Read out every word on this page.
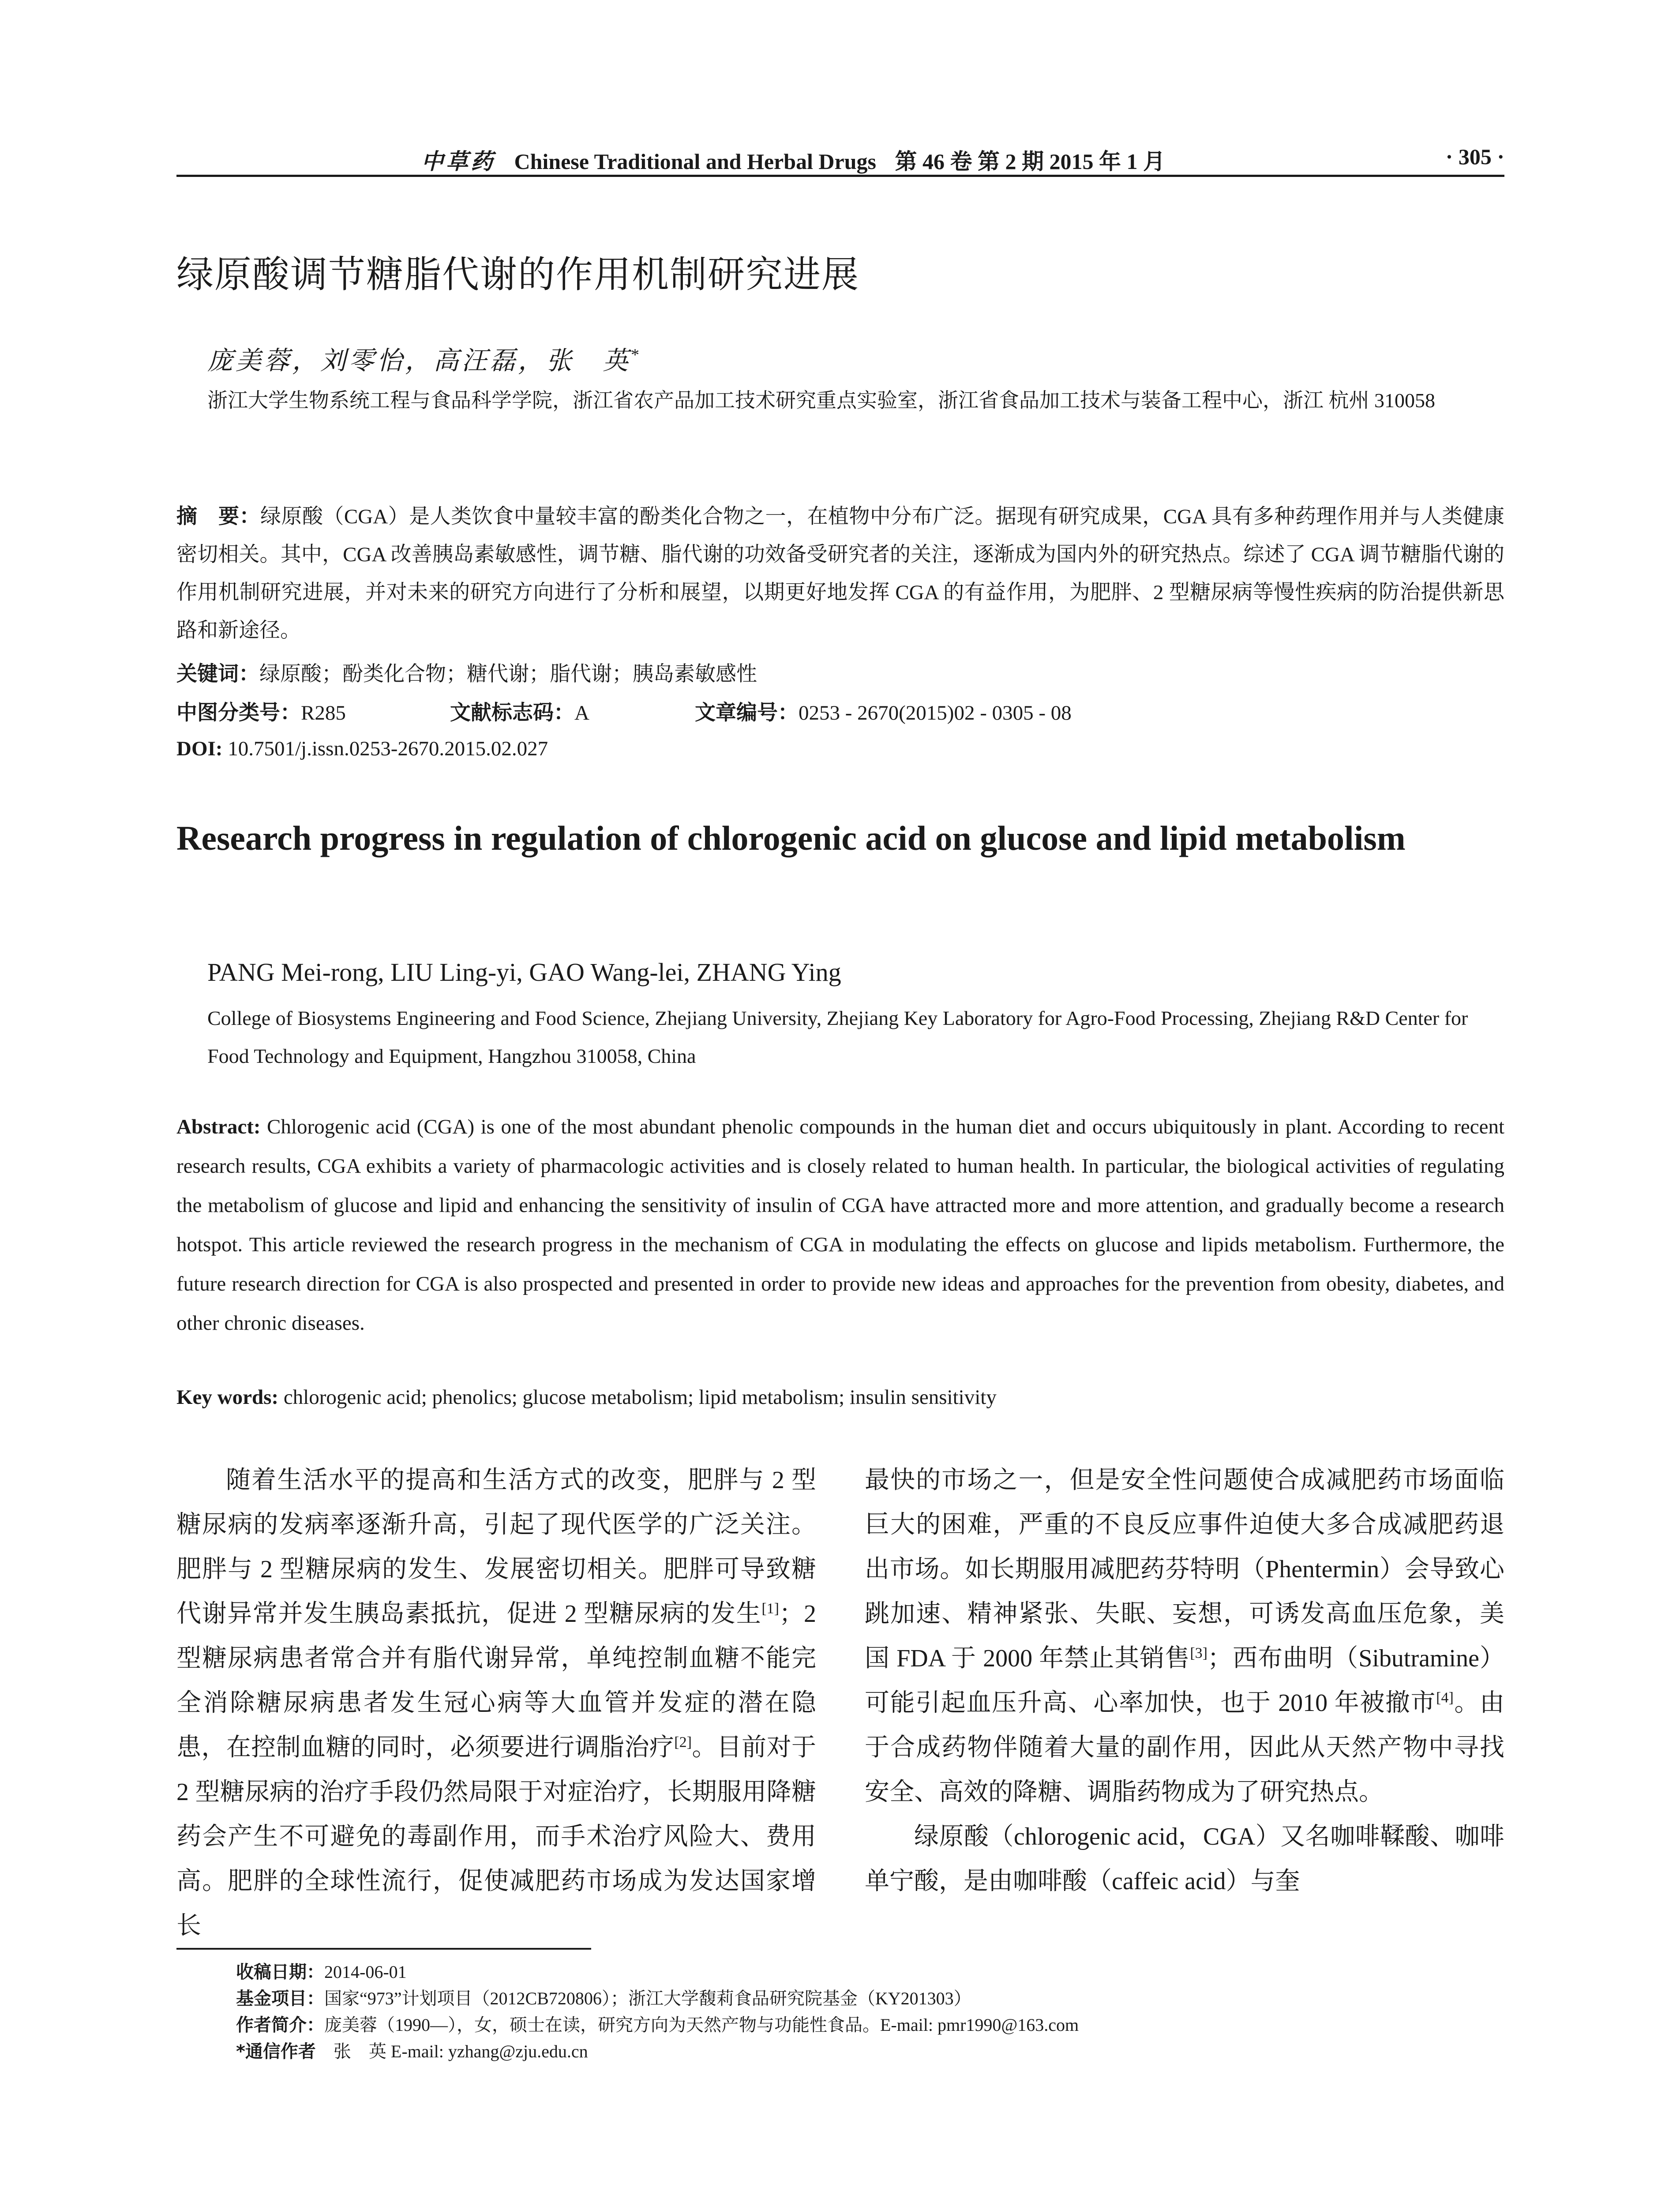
中草药 Chinese Traditional and Herbal Drugs 第 46 卷 第 2 期 2015 年 1 月	· 305 ·
绿原酸调节糖脂代谢的作用机制研究进展
庞美蓉，刘零怡，高汪磊，张　英*
浙江大学生物系统工程与食品科学学院，浙江省农产品加工技术研究重点实验室，浙江省食品加工技术与装备工程中心，浙江 杭州 310058
摘　要：绿原酸（CGA）是人类饮食中量较丰富的酚类化合物之一，在植物中分布广泛。据现有研究成果，CGA 具有多种药理作用并与人类健康密切相关。其中，CGA 改善胰岛素敏感性，调节糖、脂代谢的功效备受研究者的关注，逐渐成为国内外的研究热点。综述了 CGA 调节糖脂代谢的作用机制研究进展，并对未来的研究方向进行了分析和展望，以期更好地发挥 CGA 的有益作用，为肥胖、2 型糖尿病等慢性疾病的防治提供新思路和新途径。
关键词：绿原酸；酚类化合物；糖代谢；脂代谢；胰岛素敏感性
中图分类号：R285	文献标志码：A	文章编号：0253 - 2670(2015)02 - 0305 - 08
DOI: 10.7501/j.issn.0253-2670.2015.02.027
Research progress in regulation of chlorogenic acid on glucose and lipid metabolism
PANG Mei-rong, LIU Ling-yi, GAO Wang-lei, ZHANG Ying
College of Biosystems Engineering and Food Science, Zhejiang University, Zhejiang Key Laboratory for Agro-Food Processing, Zhejiang R&D Center for Food Technology and Equipment, Hangzhou 310058, China
Abstract: Chlorogenic acid (CGA) is one of the most abundant phenolic compounds in the human diet and occurs ubiquitously in plant. According to recent research results, CGA exhibits a variety of pharmacologic activities and is closely related to human health. In particular, the biological activities of regulating the metabolism of glucose and lipid and enhancing the sensitivity of insulin of CGA have attracted more and more attention, and gradually become a research hotspot. This article reviewed the research progress in the mechanism of CGA in modulating the effects on glucose and lipids metabolism. Furthermore, the future research direction for CGA is also prospected and presented in order to provide new ideas and approaches for the prevention from obesity, diabetes, and other chronic diseases.
Key words: chlorogenic acid; phenolics; glucose metabolism; lipid metabolism; insulin sensitivity

随着生活水平的提高和生活方式的改变，肥胖与 2 型糖尿病的发病率逐渐升高，引起了现代医学的广泛关注。肥胖与 2 型糖尿病的发生、发展密切相关。肥胖可导致糖代谢异常并发生胰岛素抵抗，促进 2 型糖尿病的发生[1]；2 型糖尿病患者常合并有脂代谢异常，单纯控制血糖不能完全消除糖尿病患者发生冠心病等大血管并发症的潜在隐患，在控制血糖的同时，必须要进行调脂治疗[2]。目前对于 2 型糖尿病的治疗手段仍然局限于对症治疗，长期服用降糖药会产生不可避免的毒副作用，而手术治疗风险大、费用高。肥胖的全球性流行，促使减肥药市场成为发达国家增长

最快的市场之一，但是安全性问题使合成减肥药市场面临巨大的困难，严重的不良反应事件迫使大多合成减肥药退出市场。如长期服用减肥药芬特明（Phentermin）会导致心跳加速、精神紧张、失眠、妄想，可诱发高血压危象，美国 FDA 于 2000 年禁止其销售[3]；西布曲明（Sibutramine）可能引起血压升高、心率加快，也于 2010 年被撤市[4]。由于合成药物伴随着大量的副作用，因此从天然产物中寻找安全、高效的降糖、调脂药物成为了研究热点。

绿原酸（chlorogenic acid，CGA）又名咖啡鞣酸、咖啡单宁酸，是由咖啡酸（caffeic acid）与奎

收稿日期：2014-06-01
基金项目：国家“973”计划项目（2012CB720806）；浙江大学馥莉食品研究院基金（KY201303）
作者简介：庞美蓉（1990—），女，硕士在读，研究方向为天然产物与功能性食品。E-mail: pmr1990@163.com
*通信作者　 张　英 E-mail: yzhang@zju.edu.cn
